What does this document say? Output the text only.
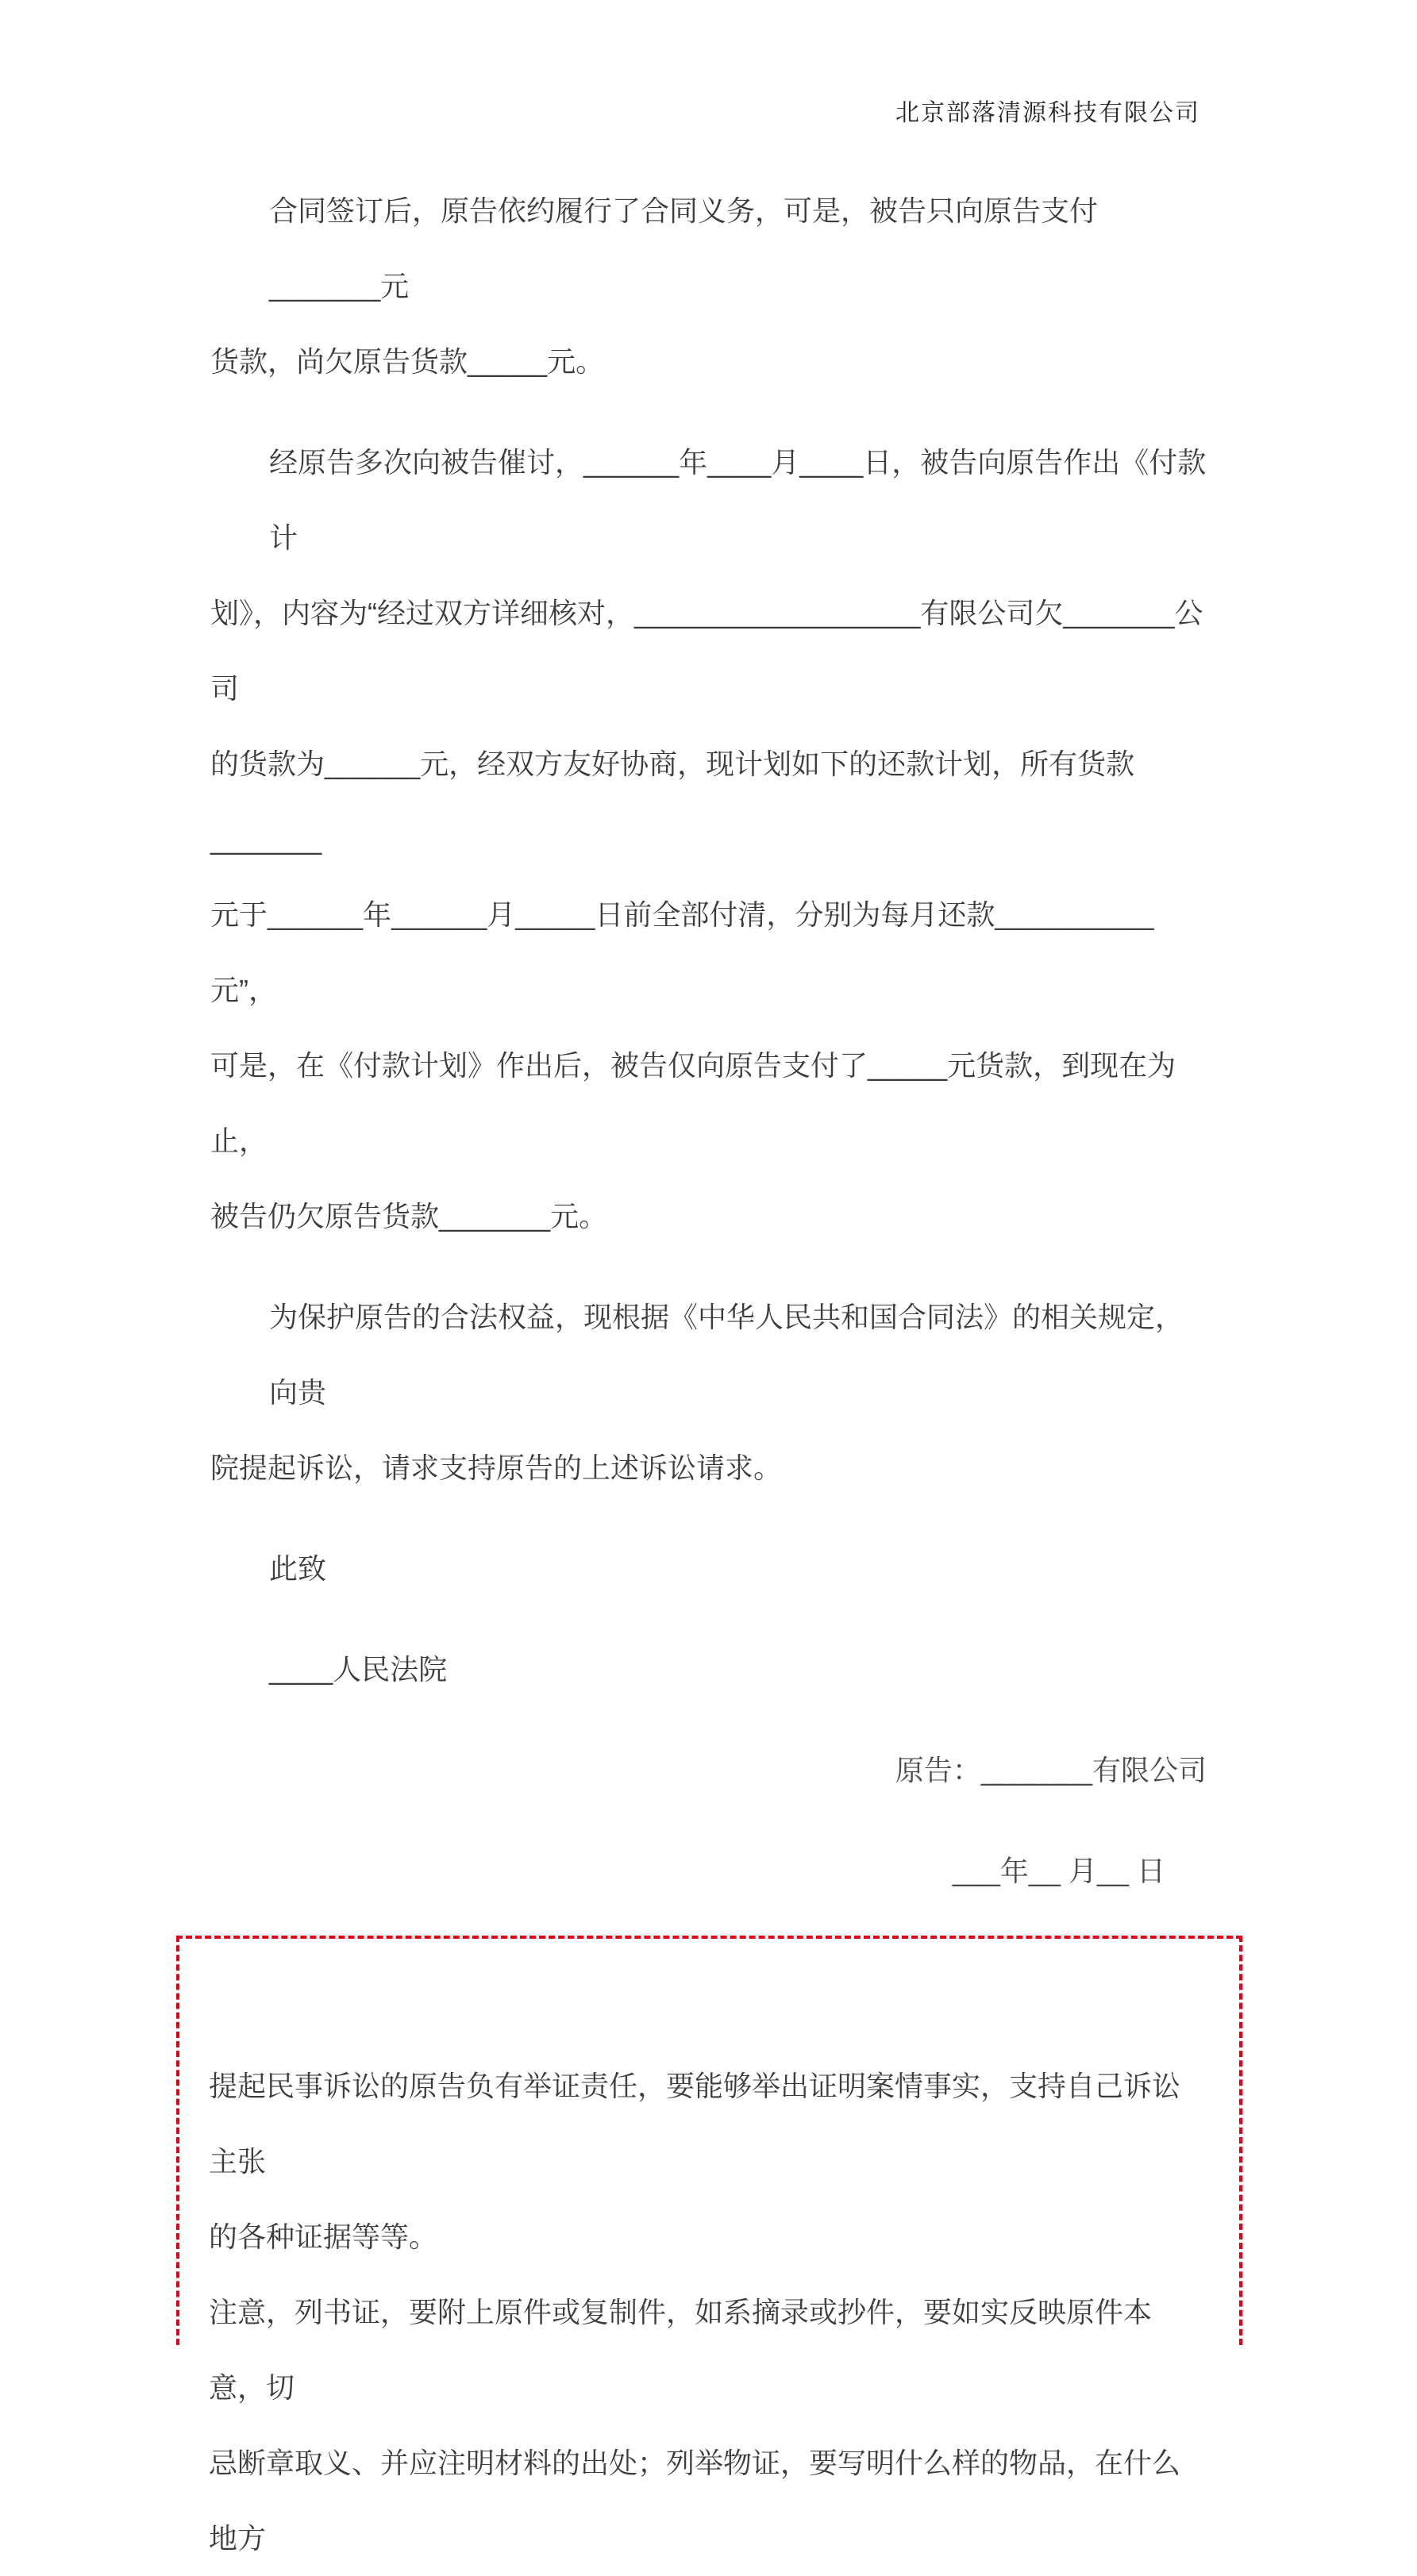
北京部落清源科技有限公司
合同签订后，原告依约履行了合同义务，可是，被告只向原告支付_______元
货款，尚欠原告货款_____元。
经原告多次向被告催讨，______年____月____日，被告向原告作出《付款计
划》，内容为“经过双方详细核对，__________________有限公司欠_______公司
的货款为______元，经双方友好协商，现计划如下的还款计划，所有货款_______
元于______年______月_____日前全部付清，分别为每月还款__________元”，
可是，在《付款计划》作出后，被告仅向原告支付了_____元货款，到现在为止，
被告仍欠原告货款_______元。
为保护原告的合法权益，现根据《中华人民共和国合同法》的相关规定，向贵
院提起诉讼，请求支持原告的上述诉讼请求。
此致
____人民法院
原告：_______有限公司
___年__ 月__ 日
提起民事诉讼的原告负有举证责任，要能够举出证明案情事实，支持自己诉讼主张
的各种证据等等。
注意，列书证，要附上原件或复制件，如系摘录或抄件，要如实反映原件本意，切
忌断章取义、并应注明材料的出处；列举物证，要写明什么样的物品，在什么地方
